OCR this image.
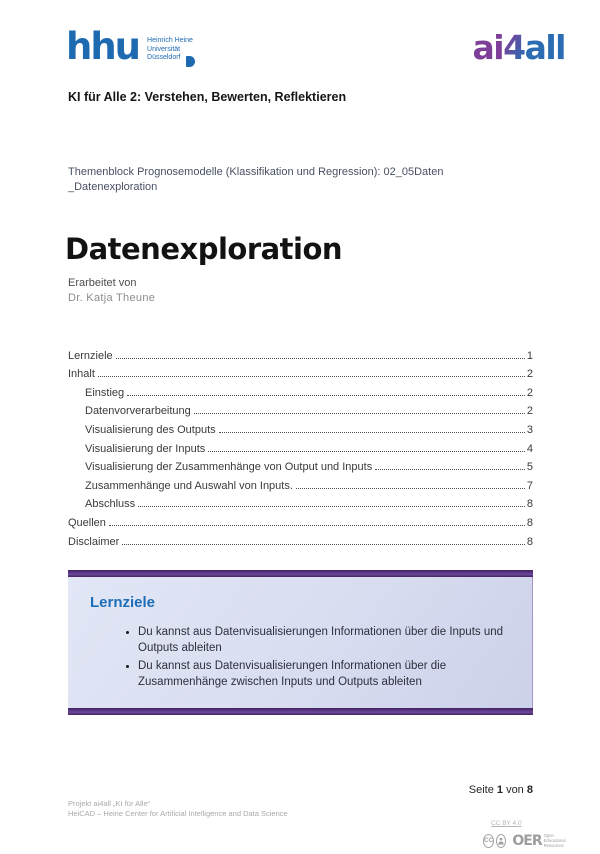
hhu Heinrich Heine
Universität
Düsseldorf	ai4all
KI für Alle 2: Verstehen, Bewerten, Reflektieren
Themenblock Prognosemodelle (Klassifikation und Regression): 02_05Daten _Datenexploration
Datenexploration
Erarbeitet von
Dr. Katja Theune
Lernziele	1
Inhalt	2
Einstieg	2
Datenvorverarbeitung	2
Visualisierung des Outputs	3
Visualisierung der Inputs	4
Visualisierung der Zusammenhänge von Output und Inputs	5
Zusammenhänge und Auswahl von Inputs.	7
Abschluss	8
Quellen	8
Disclaimer	8
Lernziele
• Du kannst aus Datenvisualisierungen Informationen über die Inputs und Outputs ableiten
• Du kannst aus Datenvisualisierungen Informationen über die Zusammenhänge zwischen Inputs und Outputs ableiten
Seite 1 von 8
Projekt ai4all „KI für Alle“
HeiCAD – Heine Center for Artificial Intelligence and Data Science
CC BY 4.0
CC OER Open
Educational
Resources
